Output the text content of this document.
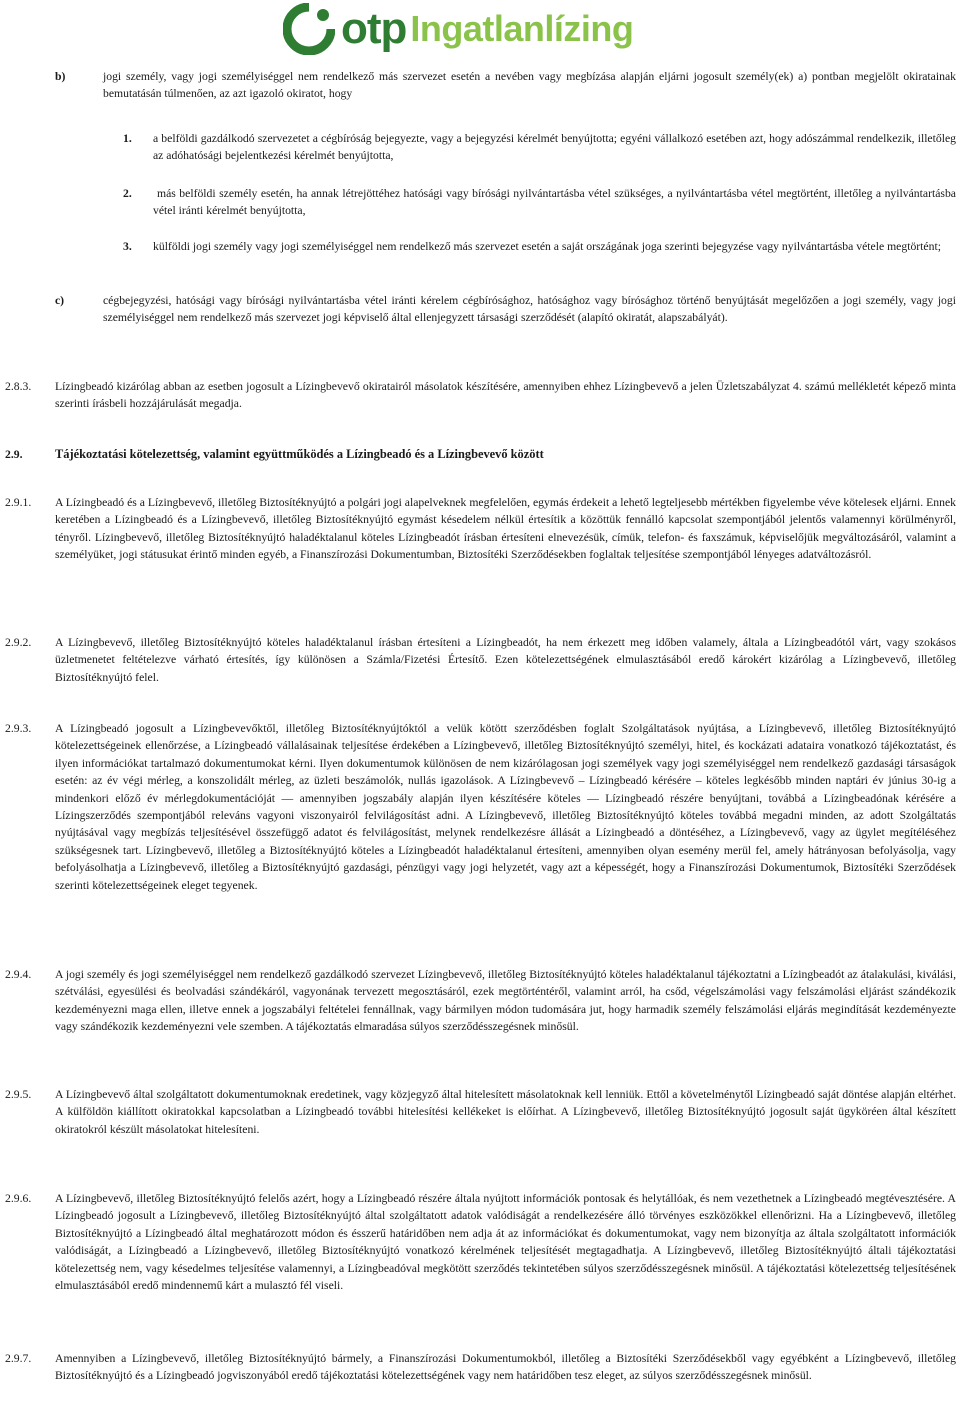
otp Ingatlanlízing
b)	jogi személy, vagy jogi személyiséggel nem rendelkező más szervezet esetén a nevében vagy megbízása alapján eljárni jogosult személy(ek) a) pontban megjelölt okiratainak bemutatásán túlmenően, az azt igazoló okiratot, hogy
1. a belföldi gazdálkodó szervezetet a cégbíróság bejegyezte, vagy a bejegyzési kérelmét benyújtotta; egyéni vállalkozó esetében azt, hogy adószámmal rendelkezik, illetőleg az adóhatósági bejelentkezési kérelmét benyújtotta,
2.	más belföldi személy esetén, ha annak létrejöttéhez hatósági vagy bírósági nyilvántartásba vétel szükséges, a nyilvántartásba vétel megtörtént, illetőleg a nyilvántartásba vétel iránti kérelmét benyújtotta,
3. külföldi jogi személy vagy jogi személyiséggel nem rendelkező más szervezet esetén a saját országának joga szerinti bejegyzése vagy nyilvántartásba vétele megtörtént;
c)	cégbejegyzési, hatósági vagy bírósági nyilvántartásba vétel iránti kérelem cégbírósághoz, hatósághoz vagy bírósághoz történő benyújtását megelőzően a jogi személy, vagy jogi személyiséggel nem rendelkező más szervezet jogi képviselő által ellenjegyzett társasági szerződését (alapító okiratát, alapszabályát).
2.8.3. Lízingbeadó kizárólag abban az esetben jogosult a Lízingbevevő okiratairól másolatok készítésére, amennyiben ehhez Lízingbevevő a jelen Üzletszabályzat 4. számú mellékletét képező minta szerinti írásbeli hozzájárulását megadja.
2.9.	Tájékoztatási kötelezettség, valamint együttműködés a Lízingbeadó és a Lízingbevevő között
2.9.1. A Lízingbeadó és a Lízingbevevő, illetőleg Biztosítéknyújtó a polgári jogi alapelveknek megfelelően, egymás érdekeit a lehető legteljesebb mértékben figyelembe véve kötelesek eljárni. Ennek keretében a Lízingbeadó és a Lízingbevevő, illetőleg Biztosítéknyújtó egymást késedelem nélkül értesítik a közöttük fennálló kapcsolat szempontjából jelentős valamennyi körülményről, tényről. Lízingbevevő, illetőleg Biztosítéknyújtó haladéktalanul köteles Lízingbeadót írásban értesíteni elnevezésük, címük, telefon- és faxszámuk, képviselőjük megváltozásáról, valamint a személyüket, jogi státusukat érintő minden egyéb, a Finanszírozási Dokumentumban, Biztosítéki Szerződésekben foglaltak teljesítése szempontjából lényeges adatváltozásról.
2.9.2. A Lízingbevevő, illetőleg Biztosítéknyújtó köteles haladéktalanul írásban értesíteni a Lízingbeadót, ha nem érkezett meg időben valamely, általa a Lízingbeadótól várt, vagy szokásos üzletmenetet feltételezve várható értesítés, így különösen a Számla/Fizetési Értesítő. Ezen kötelezettségének elmulasztásából eredő károkért kizárólag a Lízingbevevő, illetőleg Biztosítéknyújtó felel.
2.9.3. A Lízingbeadó jogosult a Lízingbevevőktől, illetőleg Biztosítéknyújtóktól a velük kötött szerződésben foglalt Szolgáltatások nyújtása, a Lízingbevevő, illetőleg Biztosítéknyújtó kötelezettségeinek ellenőrzése, a Lízingbeadó vállalásainak teljesítése érdekében a Lízingbevevő, illetőleg Biztosítéknyújtó személyi, hitel, és kockázati adataira vonatkozó tájékoztatást, és ilyen információkat tartalmazó dokumentumokat kérni. Ilyen dokumentumok különösen de nem kizárólagosan jogi személyek vagy jogi személyiséggel nem rendelkező gazdasági társaságok esetén: az év végi mérleg, a konszolidált mérleg, az üzleti beszámolók, nullás igazolások. A Lízingbevevő – Lízingbeadó kérésére – köteles legkésőbb minden naptári év június 30-ig a mindenkori előző év mérlegdokumentációját — amennyiben jogszabály alapján ilyen készítésére köteles — Lízingbeadó részére benyújtani, továbbá a Lízingbeadónak kérésére a Lízingszerződés szempontjából releváns vagyoni viszonyairól felvilágosítást adni. A Lízingbevevő, illetőleg Biztosítéknyújtó köteles továbbá megadni minden, az adott Szolgáltatás nyújtásával vagy megbízás teljesítésével összefüggő adatot és felvilágosítást, melynek rendelkezésre állását a Lízingbeadó a döntéséhez, a Lízingbevevő, vagy az ügylet megítéléséhez szükségesnek tart. Lízingbevevő, illetőleg a Biztosítéknyújtó köteles a Lízingbeadót haladéktalanul értesíteni, amennyiben olyan esemény merül fel, amely hátrányosan befolyásolja, vagy befolyásolhatja a Lízingbevevő, illetőleg a Biztosítéknyújtó gazdasági, pénzügyi vagy jogi helyzetét, vagy azt a képességét, hogy a Finanszírozási Dokumentumok, Biztosítéki Szerződések szerinti kötelezettségeinek eleget tegyenek.
2.9.4. A jogi személy és jogi személyiséggel nem rendelkező gazdálkodó szervezet Lízingbevevő, illetőleg Biztosítéknyújtó köteles haladéktalanul tájékoztatni a Lízingbeadót az átalakulási, kiválási, szétválási, egyesülési és beolvadási szándékáról, vagyonának tervezett megosztásáról, ezek megtörténtéről, valamint arról, ha csőd, végelszámolási vagy felszámolási eljárást szándékozik kezdeményezni maga ellen, illetve ennek a jogszabályi feltételei fennállnak, vagy bármilyen módon tudomására jut, hogy harmadik személy felszámolási eljárás megindítását kezdeményezte vagy szándékozik kezdeményezni vele szemben. A tájékoztatás elmaradása súlyos szerződésszegésnek minősül.
2.9.5. A Lízingbevevő által szolgáltatott dokumentumoknak eredetinek, vagy közjegyző által hitelesített másolatoknak kell lenniük. Ettől a követelménytől Lízingbeadó saját döntése alapján eltérhet. A külföldön kiállított okiratokkal kapcsolatban a Lízingbeadó további hitelesítési kellékeket is előírhat. A Lízingbevevő, illetőleg Biztosítéknyújtó jogosult saját ügyköréen által készített okiratokról készült másolatokat hitelesíteni.
2.9.6. A Lízingbevevő, illetőleg Biztosítéknyújtó felelős azért, hogy a Lízingbeadó részére általa nyújtott információk pontosak és helytállóak, és nem vezethetnek a Lízingbeadó megtévesztésére. A Lízingbeadó jogosult a Lízingbevevő, illetőleg Biztosítéknyújtó által szolgáltatott adatok valódiságát a rendelkezésére álló törvényes eszközökkel ellenőrizni. Ha a Lízingbevevő, illetőleg Biztosítéknyújtó a Lízingbeadó által meghatározott módon és ésszerű határidőben nem adja át az információkat és dokumentumokat, vagy nem bizonyítja az általa szolgáltatott információk valódiságát, a Lízingbeadó a Lízingbevevő, illetőleg Biztosítéknyújtó vonatkozó kérelmének teljesítését megtagadhatja. A Lízingbevevő, illetőleg Biztosítéknyújtó általi tájékoztatási kötelezettség nem, vagy késedelmes teljesítése valamennyi, a Lízingbeadóval megkötött szerződés tekintetében súlyos szerződésszegésnek minősül. A tájékoztatási kötelezettség teljesítésének elmulasztásából eredő mindennemű kárt a mulasztó fél viseli.
2.9.7. Amennyiben a Lízingbevevő, illetőleg Biztosítéknyújtó bármely, a Finanszírozási Dokumentumokból, illetőleg a Biztosítéki Szerződésekből vagy egyébként a Lízingbevevő, illetőleg Biztosítéknyújtó és a Lízingbeadó jogviszonyából eredő tájékoztatási kötelezettségének vagy nem határidőben tesz eleget, az súlyos szerződésszegésnek minősül.
